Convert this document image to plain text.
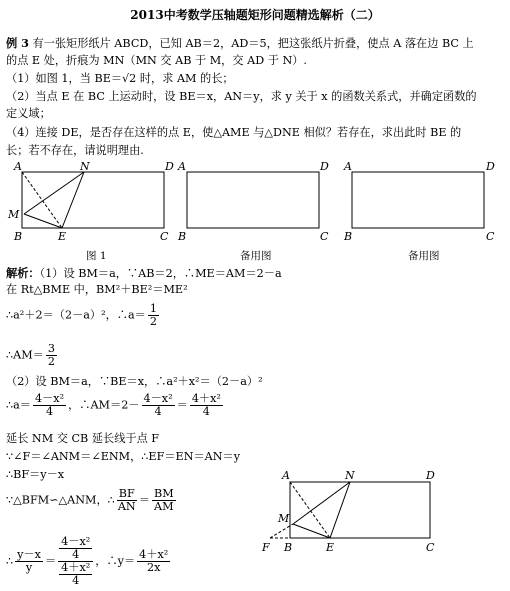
2013中考数学压轴题矩形问题精选解析（二）
例 3 有一张矩形纸片 ABCD，已知 AB＝2，AD＝5，把这张纸片折叠，使点 A 落在边 BC 上
的点 E 处，折痕为 MN（MN 交 AB 于 M，交 AD 于 N）.
（1）如图 1，当 BE＝√2 时，求 AM 的长；
（2）当点 E 在 BC 上运动时，设 BE＝x，AN＝y，求 y 关于 x 的函数关系式，并确定函数的
定义域；
（4）连接 DE，是否存在这样的点 E，使△AME 与△DNE 相似？若存在，求出此时 BE 的
长；若不存在，请说明理由.
A	N	D
M
B	E	C
图 1
A	D
B	C
备用图
A	D
B	C
备用图
解析：（1）设 BM＝a，∵AB＝2，∴ME＝AM＝2－a
在 Rt△BME 中，BM²＋BE²＝ME²
∴a²＋2＝（2－a）²，∴a＝ $\frac{1}{2}$
∴AM＝ $\frac{3}{2}$
（2）设 BM＝a，∵BE＝x，∴a²＋x²＝（2－a）²
∴a＝ $\frac{\text{4－x²}}{4}$ ，∴AM＝2－ $\frac{\text{4－x²}}{4} = \frac{\text{4＋x²}}{4}$
延长 NM 交 CB 延长线于点 F
∵∠F＝∠ANM＝∠ENM，∴EF＝EN＝AN＝y
∴BF＝y－x
∵△BFM∽△ANM，∴ $\frac{BF}{AN} = \frac{BM}{AM}$
∴ $\frac{y-x}{y} = \frac{\frac{\text{4－x²}}{4}}{\frac{\text{4＋x²}}{4}}$ ，∴y＝ $\frac{\text{4＋x²}}{2x}$
A	N	D
M
F B	E	C
